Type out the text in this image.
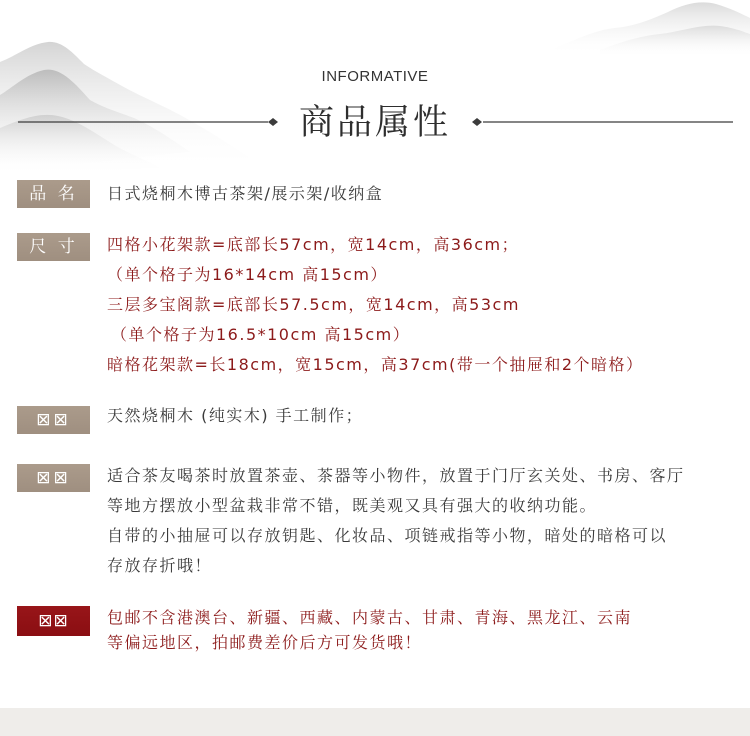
INFORMATIVE
商品属性
品 名	日式烧桐木博古茶架/展示架/收纳盒
尺 寸	四格小花架款=底部长57cm，宽14cm，高36cm；
（单个格子为16*14cm 高15cm）
三层多宝阁款=底部长57.5cm，宽14cm，高53cm
（单个格子为16.5*10cm 高15cm）
暗格花架款=长18cm，宽15cm，高37cm(带一个抽屉和2个暗格）
⊠⊠	天然烧桐木 (纯实木) 手工制作；
⊠⊠	适合茶友喝茶时放置茶壶、茶器等小物件，放置于门厅玄关处、书房、客厅
等地方摆放小型盆栽非常不错，既美观又具有强大的收纳功能。
自带的小抽屉可以存放钥匙、化妆品、项链戒指等小物，暗处的暗格可以
存放存折哦！
⊠⊠	包邮不含港澳台、新疆、西藏、内蒙古、甘肃、青海、黑龙江、云南
等偏远地区，拍邮费差价后方可发货哦！
